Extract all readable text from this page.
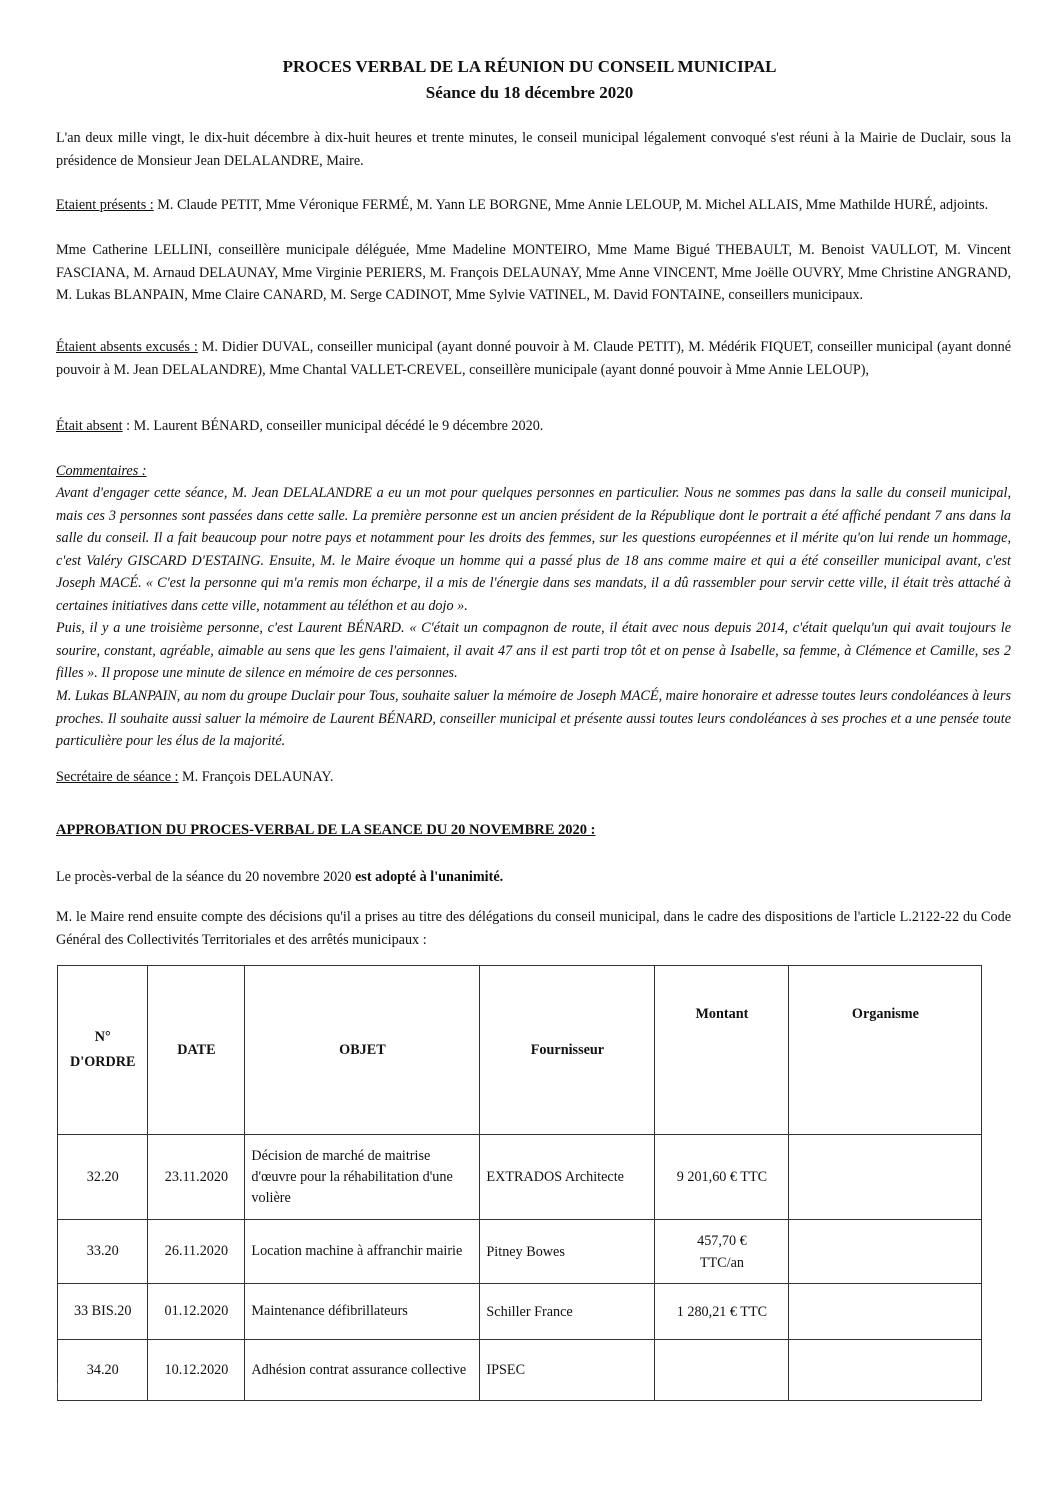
PROCES VERBAL DE LA RÉUNION DU CONSEIL MUNICIPAL
Séance du 18 décembre 2020

L'an deux mille vingt, le dix-huit décembre à dix-huit heures et trente minutes, le conseil municipal légalement convoqué s'est réuni à la Mairie de Duclair, sous la présidence de Monsieur Jean DELALANDRE, Maire.

Etaient présents : M. Claude PETIT, Mme Véronique FERMÉ, M. Yann LE BORGNE, Mme Annie LELOUP, M. Michel ALLAIS, Mme Mathilde HURÉ, adjoints.

Mme Catherine LELLINI, conseillère municipale déléguée, Mme Madeline MONTEIRO, Mme Mame Bigué THEBAULT, M. Benoist VAULLOT, M. Vincent FASCIANA, M. Arnaud DELAUNAY, Mme Virginie PERIERS, M. François DELAUNAY, Mme Anne VINCENT, Mme Joëlle OUVRY, Mme Christine ANGRAND, M. Lukas BLANPAIN, Mme Claire CANARD, M. Serge CADINOT, Mme Sylvie VATINEL, M. David FONTAINE, conseillers municipaux.

Étaient absents excusés : M. Didier DUVAL, conseiller municipal (ayant donné pouvoir à M. Claude PETIT), M. Médérik FIQUET, conseiller municipal (ayant donné pouvoir à M. Jean DELALANDRE), Mme Chantal VALLET-CREVEL, conseillère municipale (ayant donné pouvoir à Mme Annie LELOUP),

Était absent : M. Laurent BÉNARD, conseiller municipal décédé le 9 décembre 2020.

Commentaires :

Avant d'engager cette séance, M. Jean DELALANDRE a eu un mot pour quelques personnes en particulier. Nous ne sommes pas dans la salle du conseil municipal, mais ces 3 personnes sont passées dans cette salle. La première personne est un ancien président de la République dont le portrait a été affiché pendant 7 ans dans la salle du conseil. Il a fait beaucoup pour notre pays et notamment pour les droits des femmes, sur les questions européennes et il mérite qu'on lui rende un hommage, c'est Valéry GISCARD D'ESTAING. Ensuite, M. le Maire évoque un homme qui a passé plus de 18 ans comme maire et qui a été conseiller municipal avant, c'est Joseph MACÉ. « C'est la personne qui m'a remis mon écharpe, il a mis de l'énergie dans ses mandats, il a dû rassembler pour servir cette ville, il était très attaché à certaines initiatives dans cette ville, notamment au téléthon et au dojo ».

Puis, il y a une troisième personne, c'est Laurent BÉNARD. « C'était un compagnon de route, il était avec nous depuis 2014, c'était quelqu'un qui avait toujours le sourire, constant, agréable, aimable au sens que les gens l'aimaient, il avait 47 ans il est parti trop tôt et on pense à Isabelle, sa femme, à Clémence et Camille, ses 2 filles ». Il propose une minute de silence en mémoire de ces personnes.

M. Lukas BLANPAIN, au nom du groupe Duclair pour Tous, souhaite saluer la mémoire de Joseph MACÉ, maire honoraire et adresse toutes leurs condoléances à leurs proches. Il souhaite aussi saluer la mémoire de Laurent BÉNARD, conseiller municipal et présente aussi toutes leurs condoléances à ses proches et a une pensée toute particulière pour les élus de la majorité.

Secrétaire de séance : M. François DELAUNAY.

APPROBATION DU PROCES-VERBAL DE LA SEANCE DU 20 NOVEMBRE 2020 :

Le procès-verbal de la séance du 20 novembre 2020 est adopté à l'unanimité.

M. le Maire rend ensuite compte des décisions qu'il a prises au titre des délégations du conseil municipal, dans le cadre des dispositions de l'article L.2122-22 du Code Général des Collectivités Territoriales et des arrêtés municipaux :

N° D'ORDRE	DATE	OBJET	Fournisseur	Montant	Organisme
32.20	23.11.2020	Décision de marché de maitrise d'œuvre pour la réhabilitation d'une volière	EXTRADOS Architecte	9 201,60 € TTC	
33.20	26.11.2020	Location machine à affranchir mairie	Pitney Bowes	457,70 € TTC/an	
33 BIS.20	01.12.2020	Maintenance défibrillateurs	Schiller France	1 280,21 € TTC	
34.20	10.12.2020	Adhésion contrat assurance collective	IPSEC		
